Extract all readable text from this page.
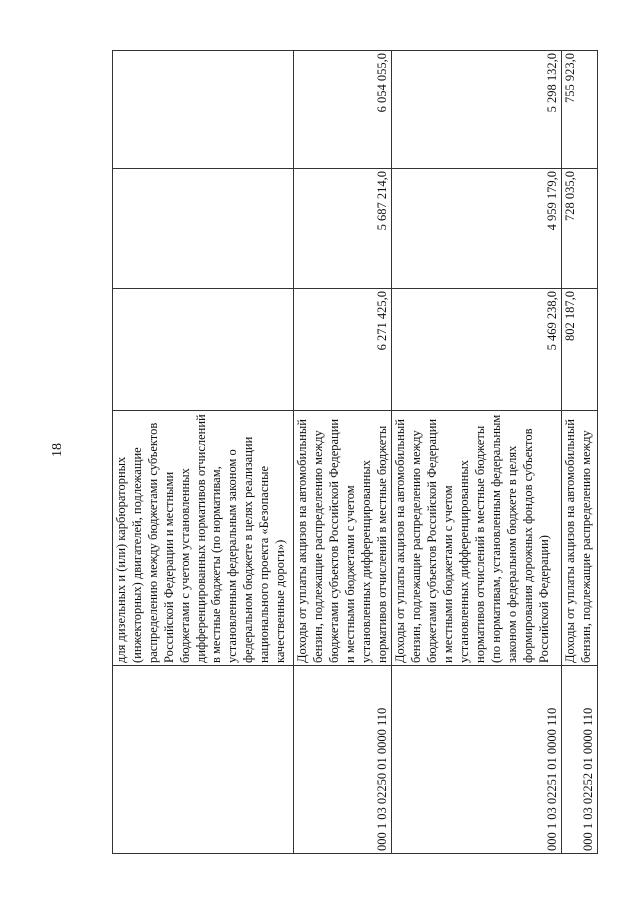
18
	для дизельных и (или) карбюраторных (инжекторных) двигателей, подлежащие распределению между бюджетами субъектов Российской Федерации и местными бюджетами с учетом установленных дифференцированных нормативов отчислений в местные бюджеты (по нормативам, установленным федеральным законом о федеральном бюджете в целях реализации национального проекта «Безопасные качественные дороги»)			
000 1 03 02250 01 0000 110	Доходы от уплаты акцизов на автомобильный бензин, подлежащие распределению между бюджетами субъектов Российской Федерации и местными бюджетами с учетом установленных дифференцированных нормативов отчислений в местные бюджеты	6 271 425,0	5 687 214,0	6 054 055,0
000 1 03 02251 01 0000 110	Доходы от уплаты акцизов на автомобильный бензин, подлежащие распределению между бюджетами субъектов Российской Федерации и местными бюджетами с учетом установленных дифференцированных нормативов отчислений в местные бюджеты (по нормативам, установленным федеральным законом о федеральном бюджете в целях формирования дорожных фондов субъектов Российской Федерации)	5 469 238,0	4 959 179,0	5 298 132,0
000 1 03 02252 01 0000 110	Доходы от уплаты акцизов на автомобильный бензин, подлежащие распределению между	802 187,0	728 035,0	755 923,0
